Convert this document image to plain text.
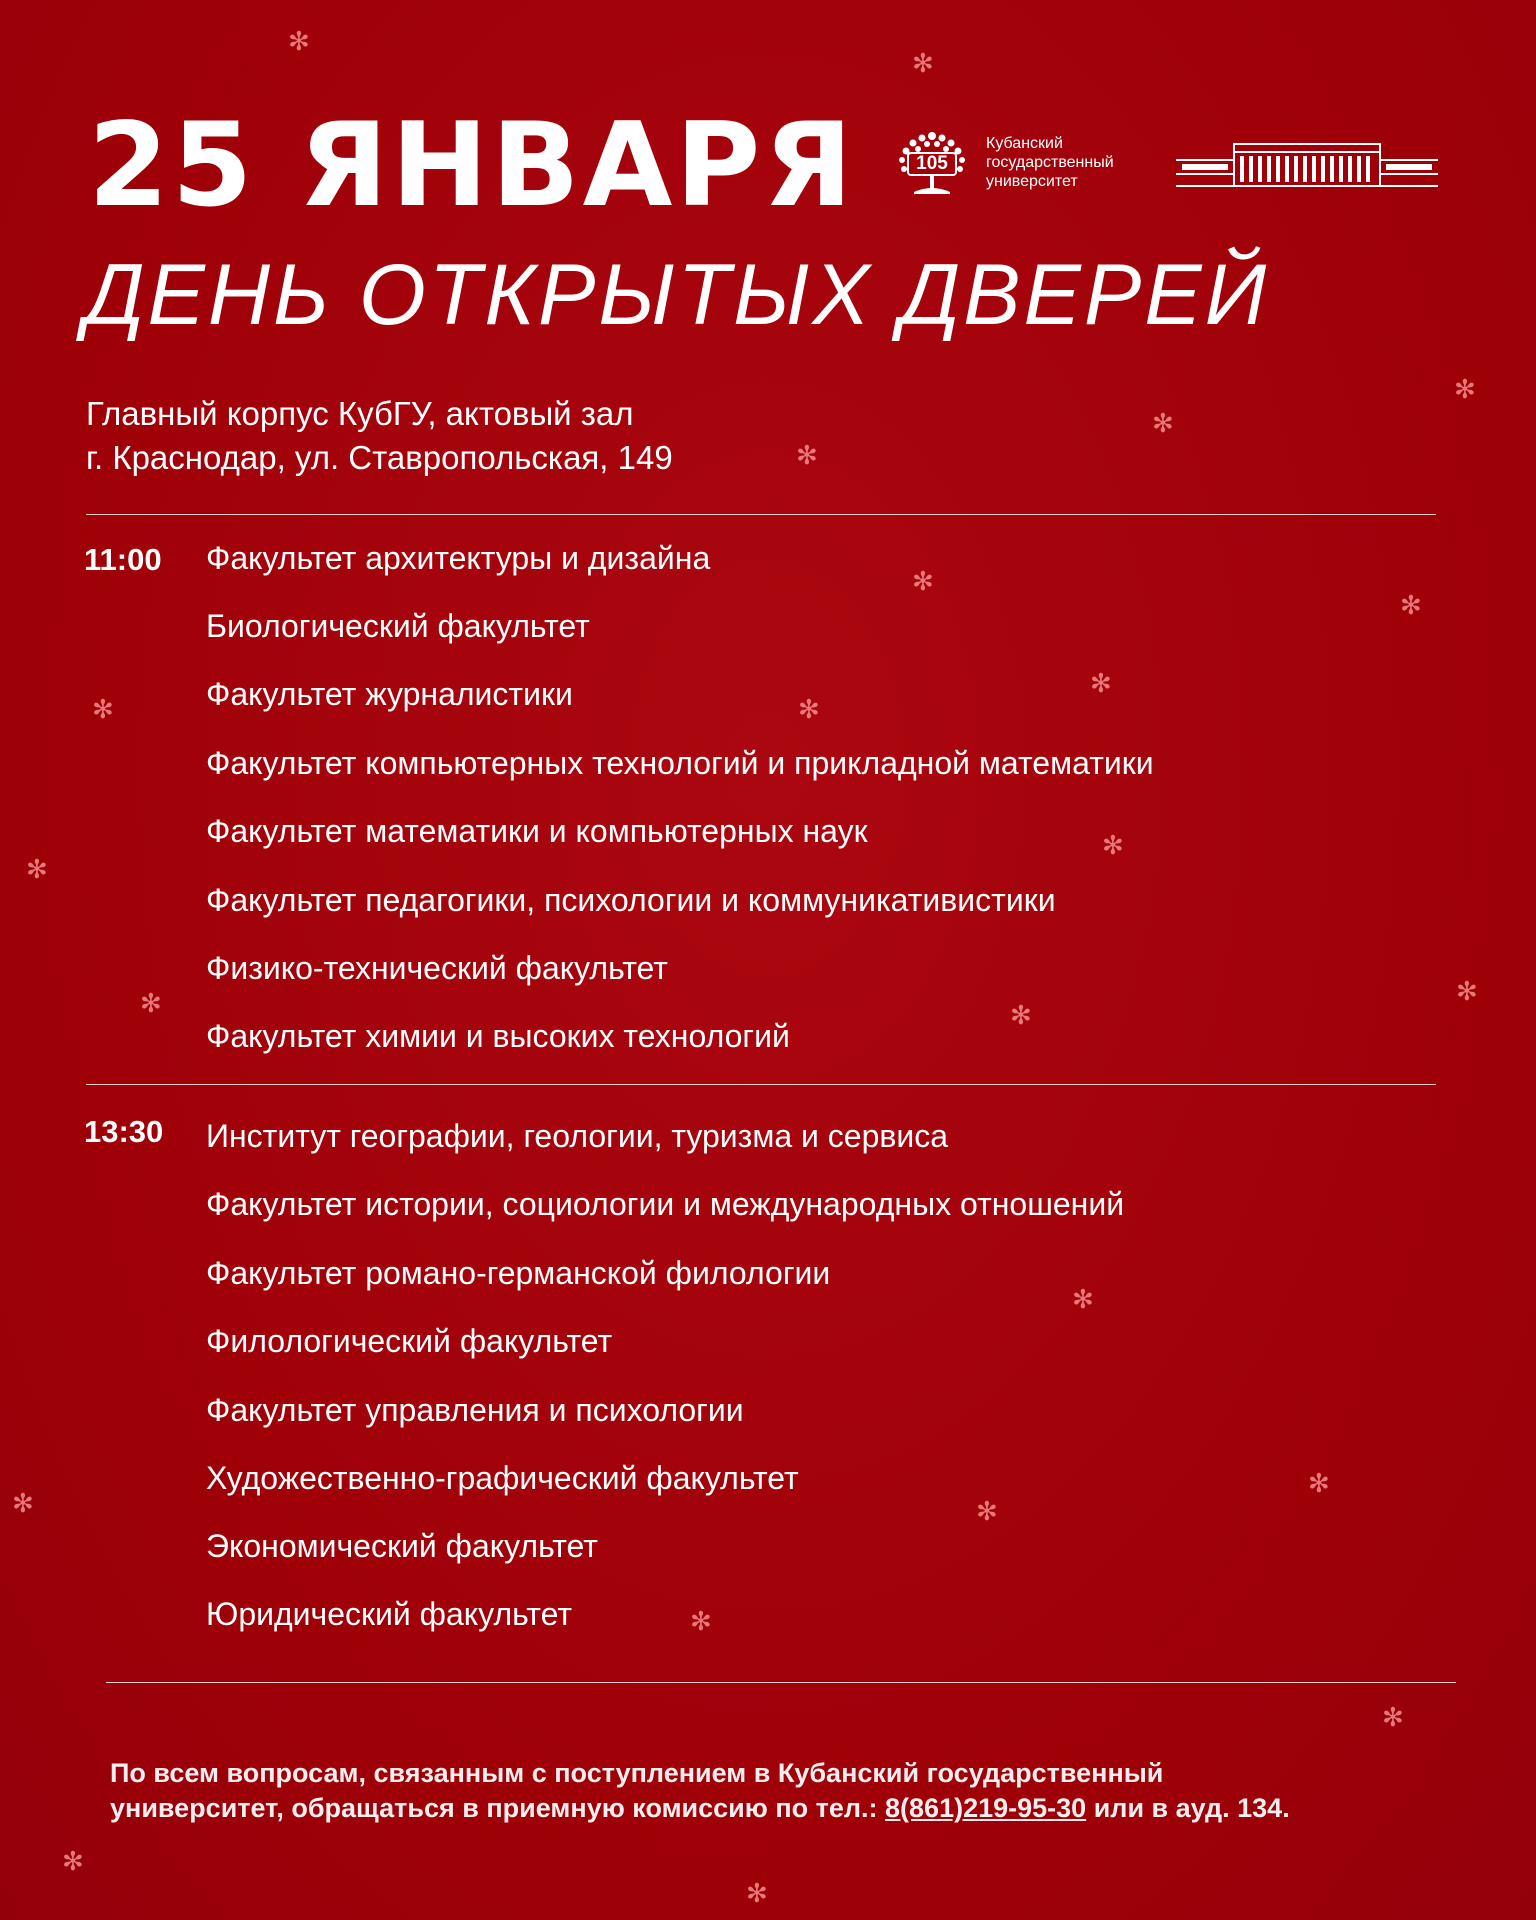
25 ЯНВАРЯ
ДЕНЬ ОТКРЫТЫХ ДВЕРЕЙ
105
Кубанский
государственный
университет
Главный корпус КубГУ, актовый зал
г. Краснодар, ул. Ставропольская, 149
11:00 Факультет архитектуры и дизайна
Биологический факультет
Факультет журналистики
Факультет компьютерных технологий и прикладной математики
Факультет математики и компьютерных наук
Факультет педагогики, психологии и коммуникативистики
Физико-технический факультет
Факультет химии и высоких технологий
13:30 Институт географии, геологии, туризма и сервиса
Факультет истории, социологии и международных отношений
Факультет романо-германской филологии
Филологический факультет
Факультет управления и психологии
Художественно-графический факультет
Экономический факультет
Юридический факультет
По всем вопросам, связанным с поступлением в Кубанский государственный
университет, обращаться в приемную комиссию по тел.: 8(861)219-95-30 или в ауд. 134.
✻
✻
✻
✻
✻
✻
✻
✻
✻	✻
✻
✻
✻
✻	✻
✻
✻
✻	✻
✻
✻
✻
✻
